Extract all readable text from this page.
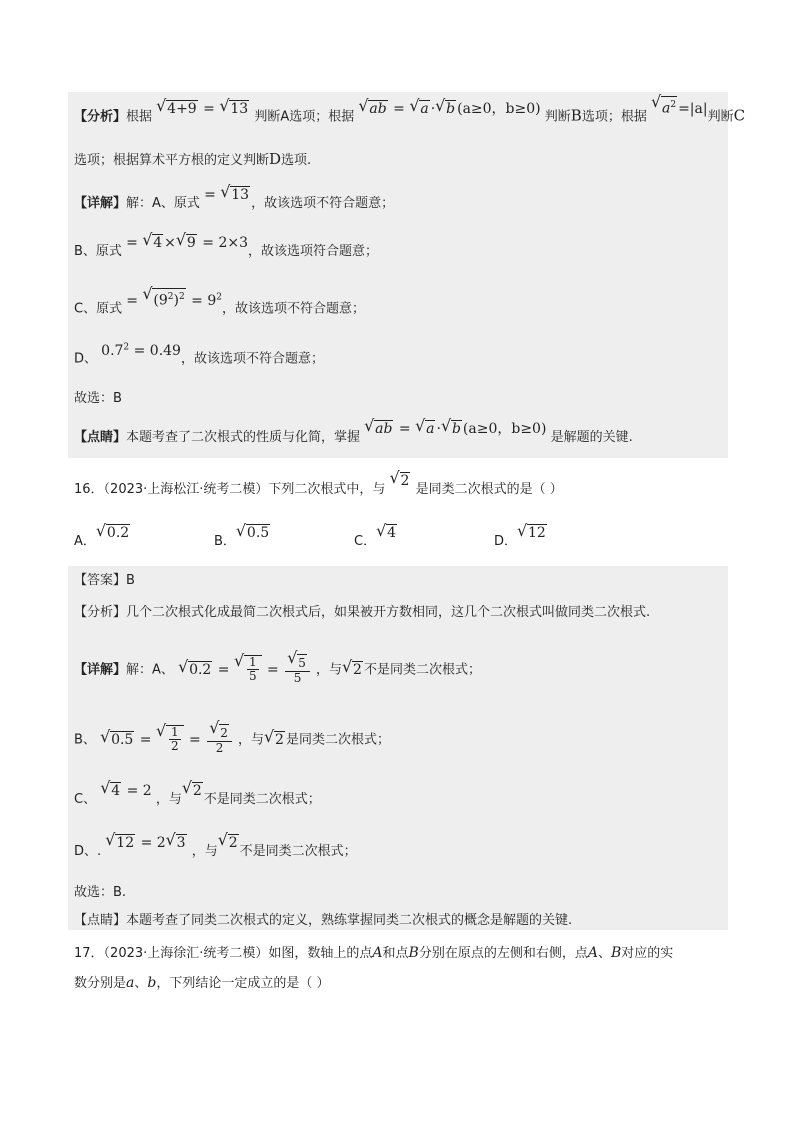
【分析】根据 √ 4+9 = √ 13 判断A选项；根据 √ ab = √ a · √ b (a≥0，b≥0) 判断B选项；根据 √ $a^2 =|a|$判断C
选项；根据算术平方根的定义判断D选项.
【详解】解：A、原式 = √ 13，故该选项不符合题意；
B、原式 = √ 4 × √ 9 = 2×3，故该选项符合题意；
C、原式 = √ $(9^2)^2 = 9^2$，故该选项不符合题意；
D、 $0.7^2 = 0.49$，故该选项不符合题意；
故选：B
【点睛】本题考查了二次根式的性质与化简，掌握 √ ab = √ a · √ b (a≥0，b≥0) 是解题的关键.
16．（2023·上海松江·统考二模）下列二次根式中，与 √ 2 是同类二次根式的是（ ）
A．√ 0.2
B．√ 0.5
C．√ 4
D．√ 12
【答案】B
【分析】几个二次根式化成最简二次根式后，如果被开方数相同，这几个二次根式叫做同类二次根式.
【详解】解：A、 √ 0.2 = √ $\frac{1}{5}$ = √ $\frac{5}{5}$ ，与 √ 2 不是同类二次根式；
B、 √ 0.5 = √ $\frac{1}{2}$ = √ $\frac{2}{2}$ ，与 √ 2 是同类二次根式；
C、 √ 4 = 2 ，与√ 2不是同类二次根式；
D、. √ 12 = 2 √ 3 ，与√ 2不是同类二次根式；
故选：B.
【点睛】本题考查了同类二次根式的定义，熟练掌握同类二次根式的概念是解题的关键.
17．（2023·上海徐汇·统考二模）如图，数轴上的点A和点B分别在原点的左侧和右侧，点A、B对应的实
数分别是a、b，下列结论一定成立的是（ ）
